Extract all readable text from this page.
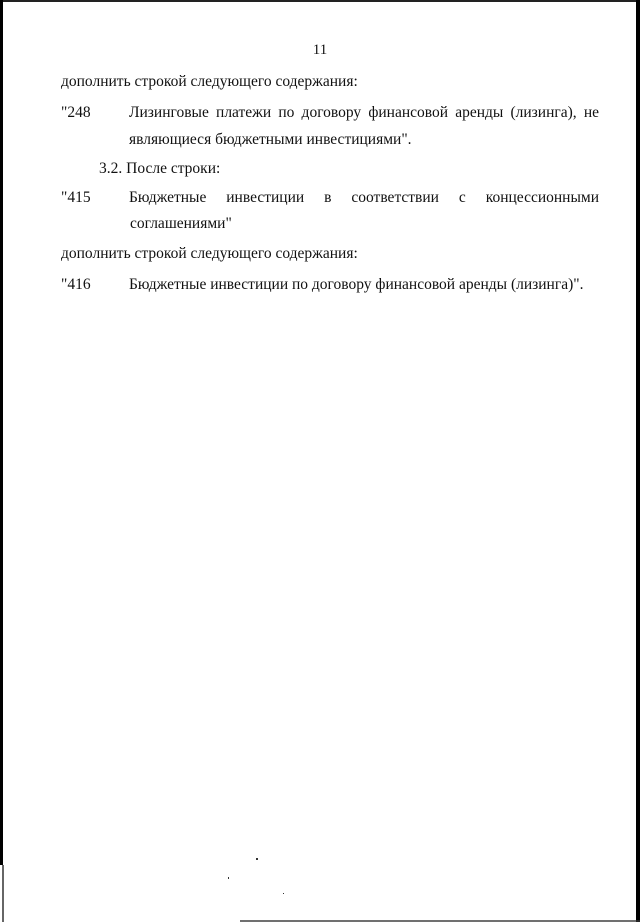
11
дополнить строкой следующего содержания:
"248 Лизинговые платежи по договору финансовой аренды (лизинга), не
являющиеся бюджетными инвестициями".
3.2. После строки:
"415 Бюджетные инвестиции в соответствии с концессионными
соглашениями"
дополнить строкой следующего содержания:
"416 Бюджетные инвестиции по договору финансовой аренды (лизинга)".
